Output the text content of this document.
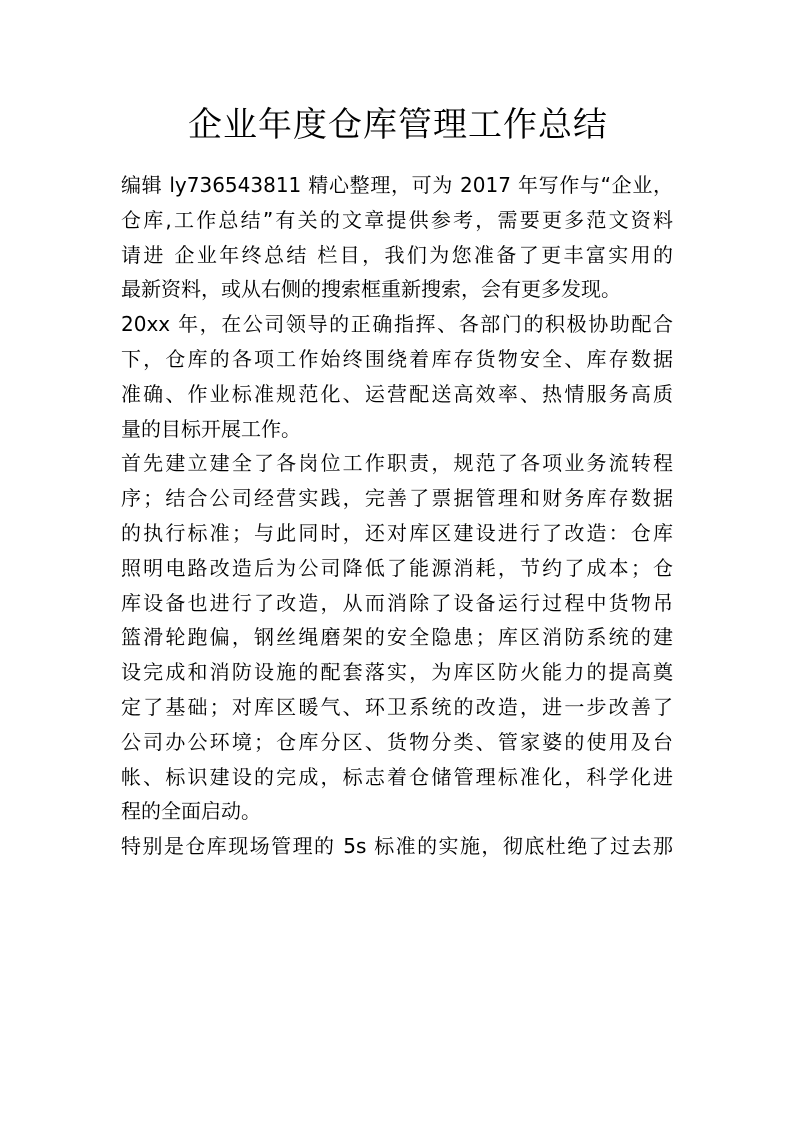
企业年度仓库管理工作总结

编辑 ly736543811 精心整理，可为 2017 年写作与“企业，
仓库,工作总结”有关的文章提供参考，需要更多范文资料
请进 企业年终总结 栏目，我们为您准备了更丰富实用的
最新资料，或从右侧的搜索框重新搜索，会有更多发现。

20xx 年，在公司领导的正确指挥、各部门的积极协助配合
下，仓库的各项工作始终围绕着库存货物安全、库存数据
准确、作业标准规范化、运营配送高效率、热情服务高质
量的目标开展工作。

首先建立建全了各岗位工作职责，规范了各项业务流转程
序；结合公司经营实践，完善了票据管理和财务库存数据
的执行标准；与此同时，还对库区建设进行了改造：仓库
照明电路改造后为公司降低了能源消耗，节约了成本；仓
库设备也进行了改造，从而消除了设备运行过程中货物吊
篮滑轮跑偏，钢丝绳磨架的安全隐患；库区消防系统的建
设完成和消防设施的配套落实，为库区防火能力的提高奠
定了基础；对库区暖气、环卫系统的改造，进一步改善了
公司办公环境；仓库分区、货物分类、管家婆的使用及台
帐、标识建设的完成，标志着仓储管理标准化，科学化进
程的全面启动。

特别是仓库现场管理的 5s 标准的实施，彻底杜绝了过去那
